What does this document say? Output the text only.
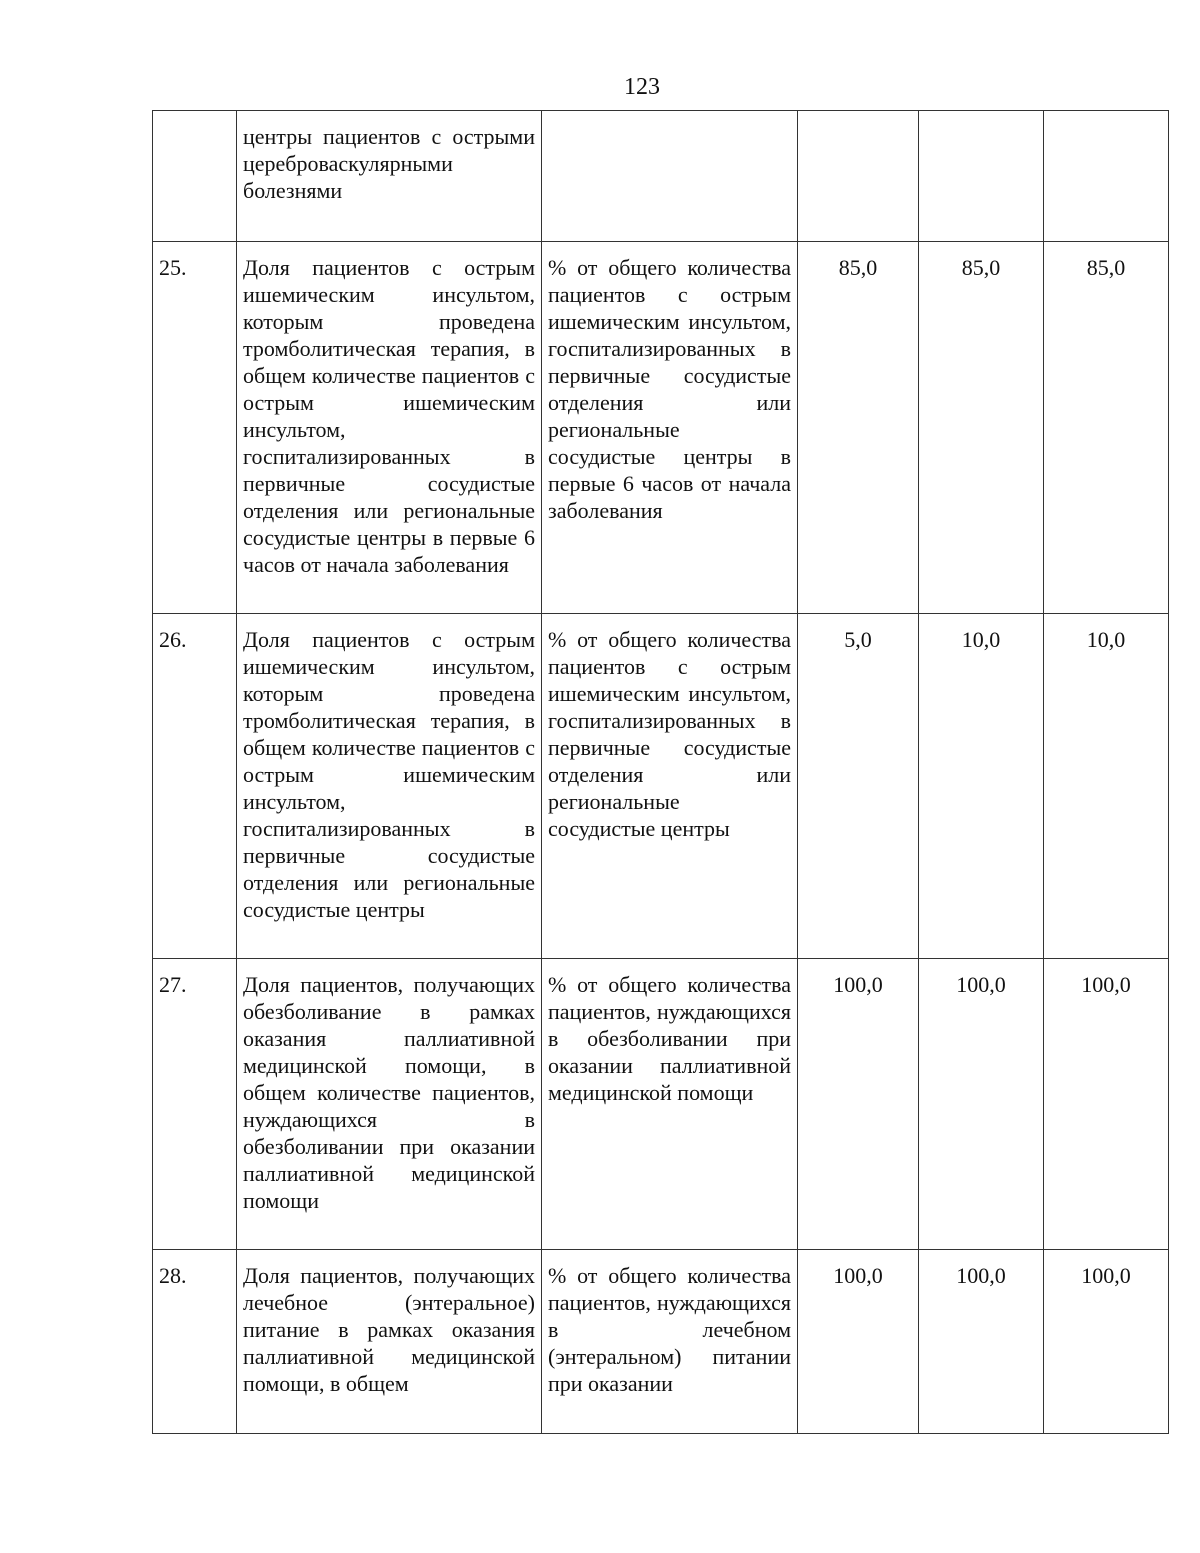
123
	центры пациентов с острыми цереброваскулярными болезнями				
25.	Доля пациентов с острым ишемическим инсультом, которым проведена тромболитическая терапия, в общем количестве пациентов с острым ишемическим инсультом, госпитализированных в первичные сосудистые отделения или региональные сосудистые центры в первые 6 часов от начала заболевания	% от общего количества пациентов с острым ишемическим инсультом, госпитализированных в первичные сосудистые отделения или региональные сосудистые центры в первые 6 часов от начала заболевания	85,0	85,0	85,0
26.	Доля пациентов с острым ишемическим инсультом, которым проведена тромболитическая терапия, в общем количестве пациентов с острым ишемическим инсультом, госпитализированных в первичные сосудистые отделения или региональные сосудистые центры	% от общего количества пациентов с острым ишемическим инсультом, госпитализированных в первичные сосудистые отделения или региональные сосудистые центры	5,0	10,0	10,0
27.	Доля пациентов, получающих обезболивание в рамках оказания паллиативной медицинской помощи, в общем количестве пациентов, нуждающихся в обезболивании при оказании паллиативной медицинской помощи	% от общего количества пациентов, нуждающихся в обезболивании при оказании паллиативной медицинской помощи	100,0	100,0	100,0
28.	Доля пациентов, получающих лечебное (энтеральное) питание в рамках оказания паллиативной медицинской помощи, в общем	% от общего количества пациентов, нуждающихся в лечебном (энтеральном) питании при оказании	100,0	100,0	100,0
